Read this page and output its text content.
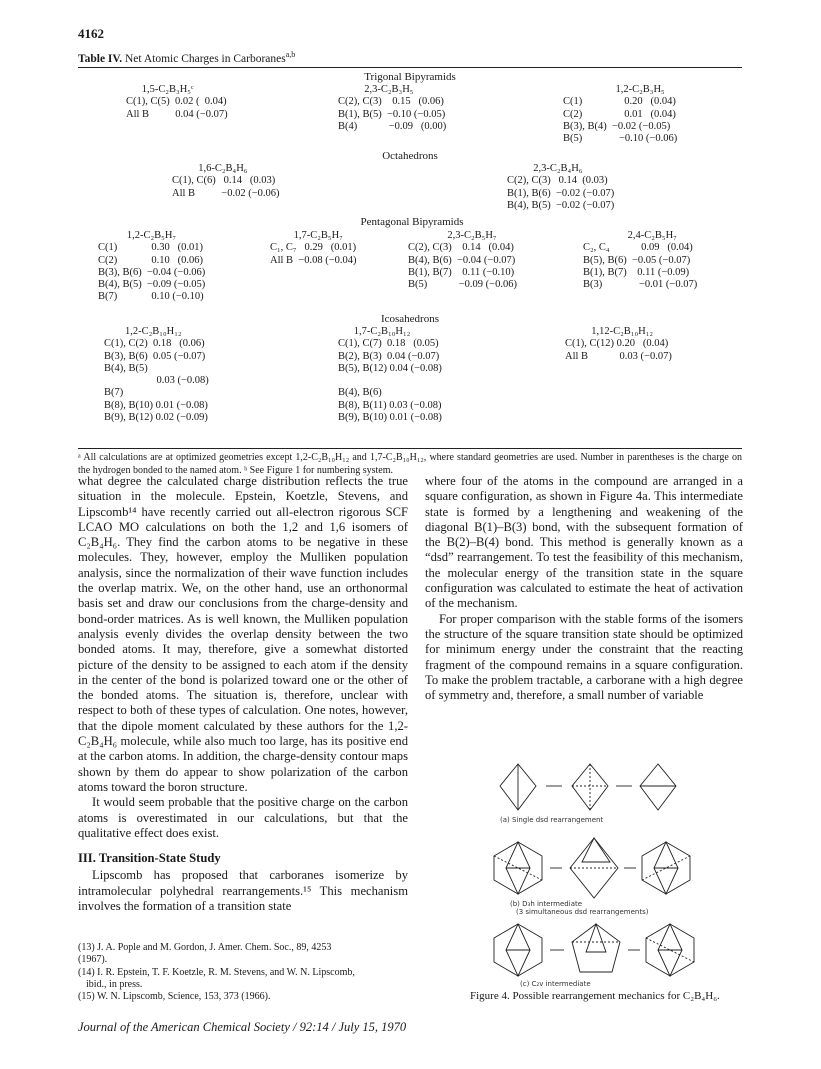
4162
Table IV. Net Atomic Charges in Carboranes$^{a,b}$
Trigonal Bipyramids
1,5-C₂B₃H₅ᶜ
C(1), C(5)  0.02 (  0.04)
All B          0.04 (−0.07)
2,3-C₂B₃H₅
C(2), C(3)    0.15   (0.06)
B(1), B(5)  −0.10 (−0.05)
B(4)            −0.09   (0.00)
1,2-C₂B₃H₅
C(1)                0.20   (0.04)
C(2)                0.01   (0.04)
B(3), B(4)  −0.02 (−0.05)
B(5)              −0.10 (−0.06)
Octahedrons
1,6-C₂B₄H₆
C(1), C(6)   0.14   (0.03)
All B          −0.02 (−0.06)
2,3-C₂B₄H₆
C(2), C(3)   0.14  (0.03)
B(1), B(6)  −0.02 (−0.07)
B(4), B(5)  −0.02 (−0.07)
Pentagonal Bipyramids
1,2-C₂B₅H₇
C(1)             0.30   (0.01)
C(2)             0.10   (0.06)
B(3), B(6)  −0.04 (−0.06)
B(4), B(5)  −0.09 (−0.05)
B(7)             0.10 (−0.10)
1,7-C₂B₅H₇
C₁, C₇   0.29   (0.01)
All B  −0.08 (−0.04)
2,3-C₂B₅H₇
C(2), C(3)    0.14   (0.04)
B(4), B(6)  −0.04 (−0.07)
B(1), B(7)    0.11 (−0.10)
B(5)            −0.09 (−0.06)
2,4-C₂B₅H₇
C₂, C₄            0.09   (0.04)
B(5), B(6)  −0.05 (−0.07)
B(1), B(7)    0.11 (−0.09)
B(3)              −0.01 (−0.07)
Icosahedrons
1,2-C₂B₁₀H₁₂
C(1), C(2)  0.18   (0.06)
B(3), B(6)  0.05 (−0.07)
B(4), B(5)
0.03 (−0.08)
B(7)
B(8), B(10) 0.01 (−0.08)
B(9), B(12) 0.02 (−0.09)
1,7-C₂B₁₀H₁₂
C(1), C(7)  0.18   (0.05)
B(2), B(3)  0.04 (−0.07)
B(5), B(12) 0.04 (−0.08)

B(4), B(6)
B(8), B(11) 0.03 (−0.08)
B(9), B(10) 0.01 (−0.08)
1,12-C₂B₁₀H₁₂
C(1), C(12) 0.20   (0.04)
All B            0.03 (−0.07)
ᵃ All calculations are at optimized geometries except 1,2-C₂B₁₀H₁₂ and 1,7-C₂B₁₀H₁₂, where standard geometries are used. Number in parentheses is the charge on the hydrogen bonded to the named atom. ᵇ See Figure 1 for numbering system.

what degree the calculated charge distribution reflects the true situation in the molecule. Epstein, Koetzle, Stevens, and Lipscomb¹⁴ have recently carried out all-electron rigorous SCF LCAO MO calculations on both the 1,2 and 1,6 isomers of C₂B₄H₆. They find the carbon atoms to be negative in these molecules. They, however, employ the Mulliken population analysis, since the normalization of their wave function includes the overlap matrix. We, on the other hand, use an orthonormal basis set and draw our conclusions from the charge-density and bond-order matrices. As is well known, the Mulliken population analysis evenly divides the overlap density between the two bonded atoms. It may, therefore, give a somewhat distorted picture of the density to be assigned to each atom if the density in the center of the bond is polarized toward one or the other of the bonded atoms. The situation is, therefore, unclear with respect to both of these types of calculation. One notes, however, that the dipole moment calculated by these authors for the 1,2-C₂B₄H₆ molecule, while also much too large, has its positive end at the carbon atoms. In addition, the charge-density contour maps shown by them do appear to show polarization of the carbon atoms toward the boron structure.

It would seem probable that the positive charge on the carbon atoms is overestimated in our calculations, but that the qualitative effect does exist.

III. Transition-State Study

Lipscomb has proposed that carboranes isomerize by intramolecular polyhedral rearrangements.¹⁵ This mechanism involves the formation of a transition state

where four of the atoms in the compound are arranged in a square configuration, as shown in Figure 4a. This intermediate state is formed by a lengthening and weakening of the diagonal B(1)–B(3) bond, with the subsequent formation of the B(2)–B(4) bond. This method is generally known as a “dsd” rearrangement. To test the feasibility of this mechanism, the molecular energy of the transition state in the square configuration was calculated to estimate the heat of activation of the mechanism.

For proper comparison with the stable forms of the isomers the structure of the square transition state should be optimized for minimum energy under the constraint that the reacting fragment of the compound remains in a square configuration. To make the problem tractable, a carborane with a high degree of symmetry and, therefore, a small number of variable

(13) J. A. Pople and M. Gordon, J. Amer. Chem. Soc., 89, 4253

(1967).

(14) I. R. Epstein, T. F. Koetzle, R. M. Stevens, and W. N. Lipscomb,

ibid., in press.

(15) W. N. Lipscomb, Science, 153, 373 (1966).

(a) Single dsd rearrangement
(b) D₃h intermediate
(3 simultaneous dsd rearrangements)
(c) C₂v intermediate
Figure 4. Possible rearrangement mechanics for C₂B₄H₆.
Journal of the American Chemical Society / 92:14 / July 15, 1970
